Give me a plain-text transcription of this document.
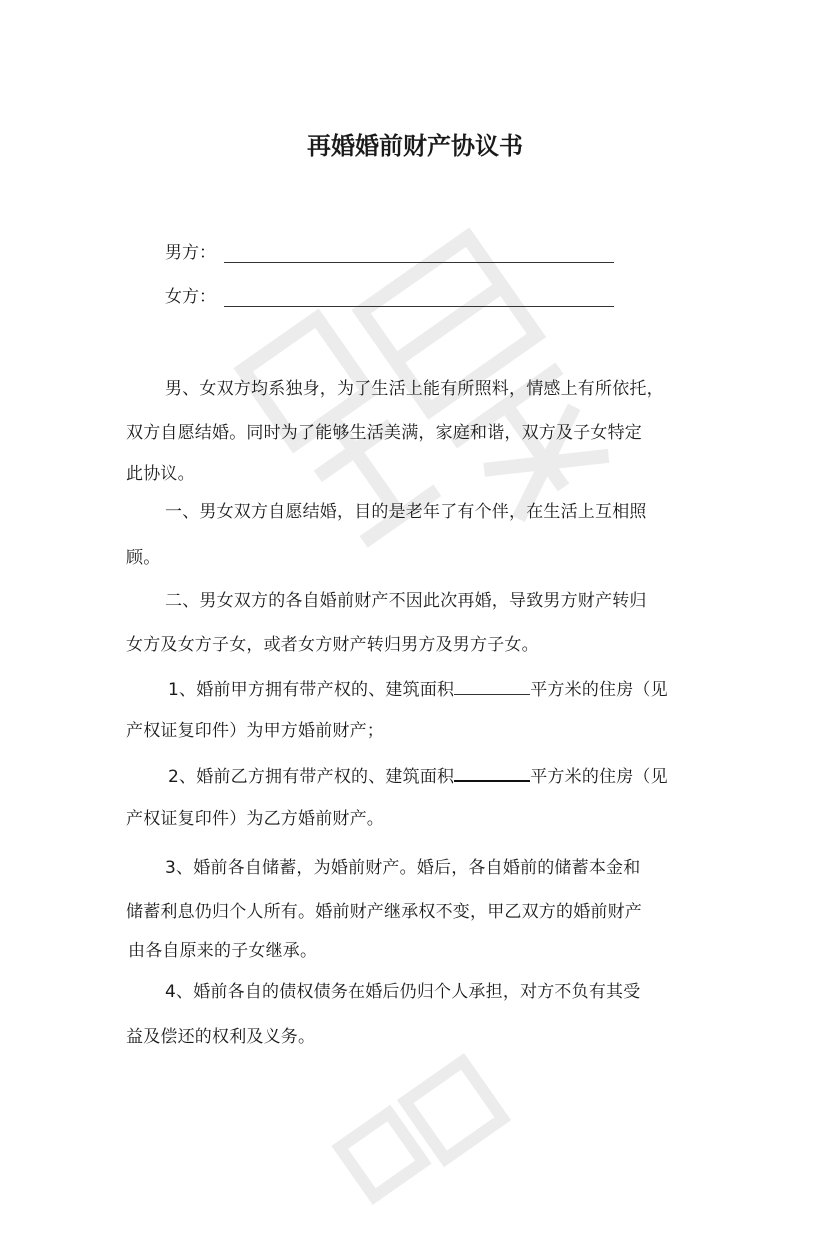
再婚婚前财产协议书
男方：
女方：
男、女双方均系独身，为了生活上能有所照料，情感上有所依托，
双方自愿结婚。同时为了能够生活美满，家庭和谐，双方及子女特定
此协议。
一、男女双方自愿结婚，目的是老年了有个伴，在生活上互相照
顾。
二、男女双方的各自婚前财产不因此次再婚，导致男方财产转归
女方及女方子女，或者女方财产转归男方及男方子女。
1、婚前甲方拥有带产权的、建筑面积	平方米的住房（见
产权证复印件）为甲方婚前财产；
2、婚前乙方拥有带产权的、建筑面积	平方米的住房（见
产权证复印件）为乙方婚前财产。
3、婚前各自储蓄，为婚前财产。婚后，各自婚前的储蓄本金和
储蓄利息仍归个人所有。婚前财产继承权不变，甲乙双方的婚前财产
由各自原来的子女继承。
4、婚前各自的债权债务在婚后仍归个人承担，对方不负有其受
益及偿还的权利及义务。
